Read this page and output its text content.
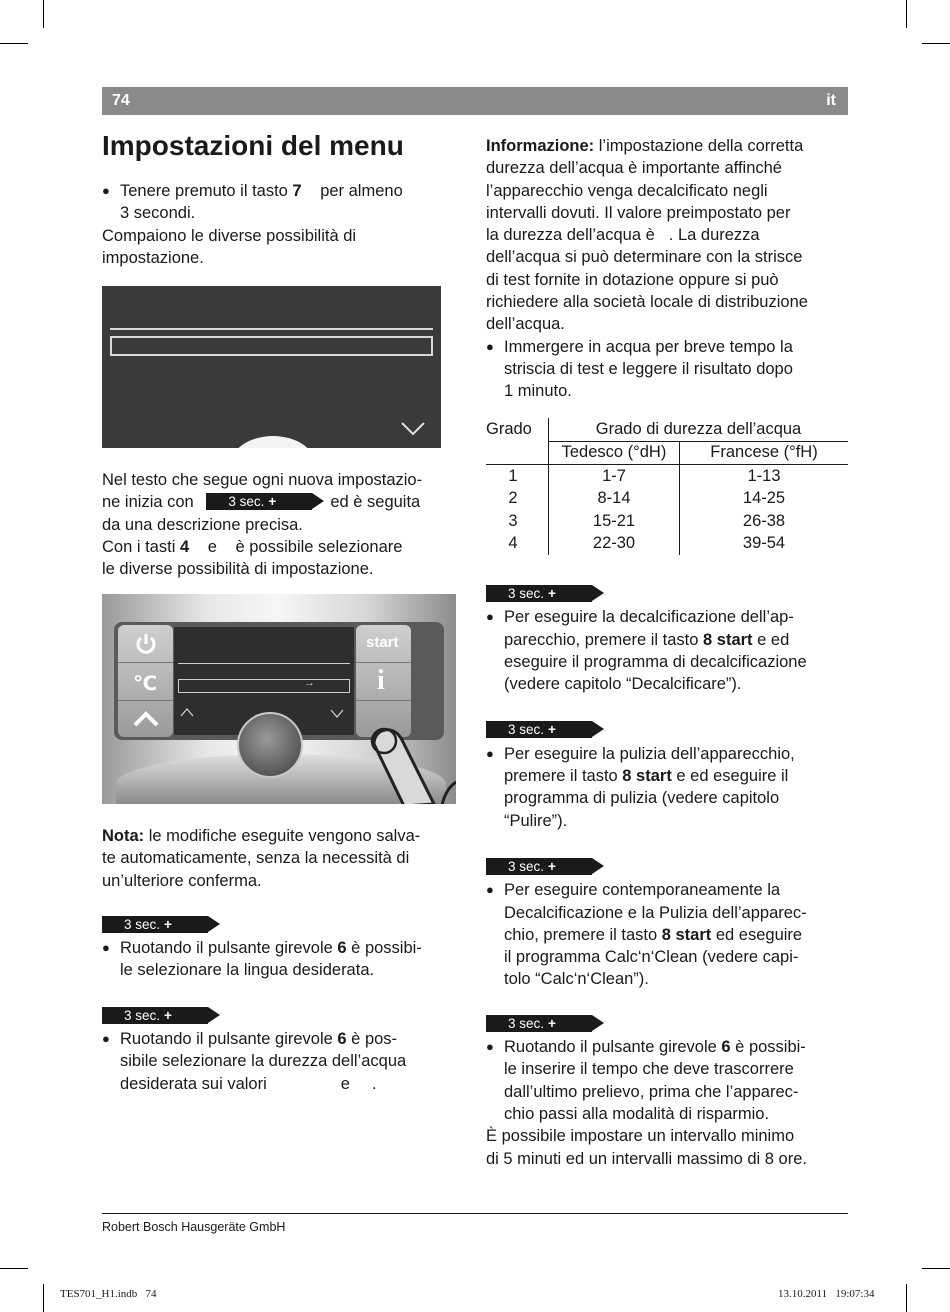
74	it
Impostazioni del menu

● Tenere premuto il tasto 7 per almeno
3 secondi.

Compaiono le diverse possibilità di
impostazione.

Nel testo che segue ogni nuova impostazio-
ne inizia con	3 sec. +	ed è seguita
da una descrizione precisa.

Con i tasti 4 e è possibile selezionare
le diverse possibilità di impostazione.

℃	→
start
i

Nota: le modifiche eseguite vengono salva-
te automaticamente, senza la necessità di
un’ulteriore conferma.

3 sec. +

● Ruotando il pulsante girevole 6 è possibi-
le selezionare la lingua desiderata.

3 sec. +

● Ruotando il pulsante girevole 6 è pos-
sibile selezionare la durezza dell’acqua
desiderata sui valori	e .

Informazione: l’impostazione della corretta
durezza dell’acqua è importante affinché
l’apparecchio venga decalcificato negli
intervalli dovuti. Il valore preimpostato per
la durezza dell’acqua è . La durezza
dell’acqua si può determinare con la strisce
di test fornite in dotazione oppure si può
richiedere alla società locale di distribuzione
dell’acqua.

● Immergere in acqua per breve tempo la
striscia di test e leggere il risultato dopo
1 minuto.

Grado	Grado di durezza dell’acqua	
	Tedesco (°dH)	Francese (°fH)
1	1-7	1-13
2	8-14	14-25
3	15-21	26-38
4	22-30	39-54
3 sec. +

● Per eseguire la decalcificazione dell’ap-
parecchio, premere il tasto 8 start e ed
eseguire il programma di decalcificazione
(vedere capitolo “Decalcificare”).

3 sec. +

● Per eseguire la pulizia dell’apparecchio,
premere il tasto 8 start e ed eseguire il
programma di pulizia (vedere capitolo
“Pulire”).

3 sec. +

● Per eseguire contemporaneamente la
Decalcificazione e la Pulizia dell’apparec-
chio, premere il tasto 8 start ed eseguire
il programma Calc‘n‘Clean (vedere capi-
tolo “Calc‘n‘Clean”).

3 sec. +

● Ruotando il pulsante girevole 6 è possibi-
le inserire il tempo che deve trascorrere
dall’ultimo prelievo, prima che l’apparec-
chio passi alla modalità di risparmio.

È possibile impostare un intervallo minimo
di 5 minuti ed un intervalli massimo di 8 ore.

Robert Bosch Hausgeräte GmbH
TES701_H1.indb   74	13.10.2011   19:07:34
